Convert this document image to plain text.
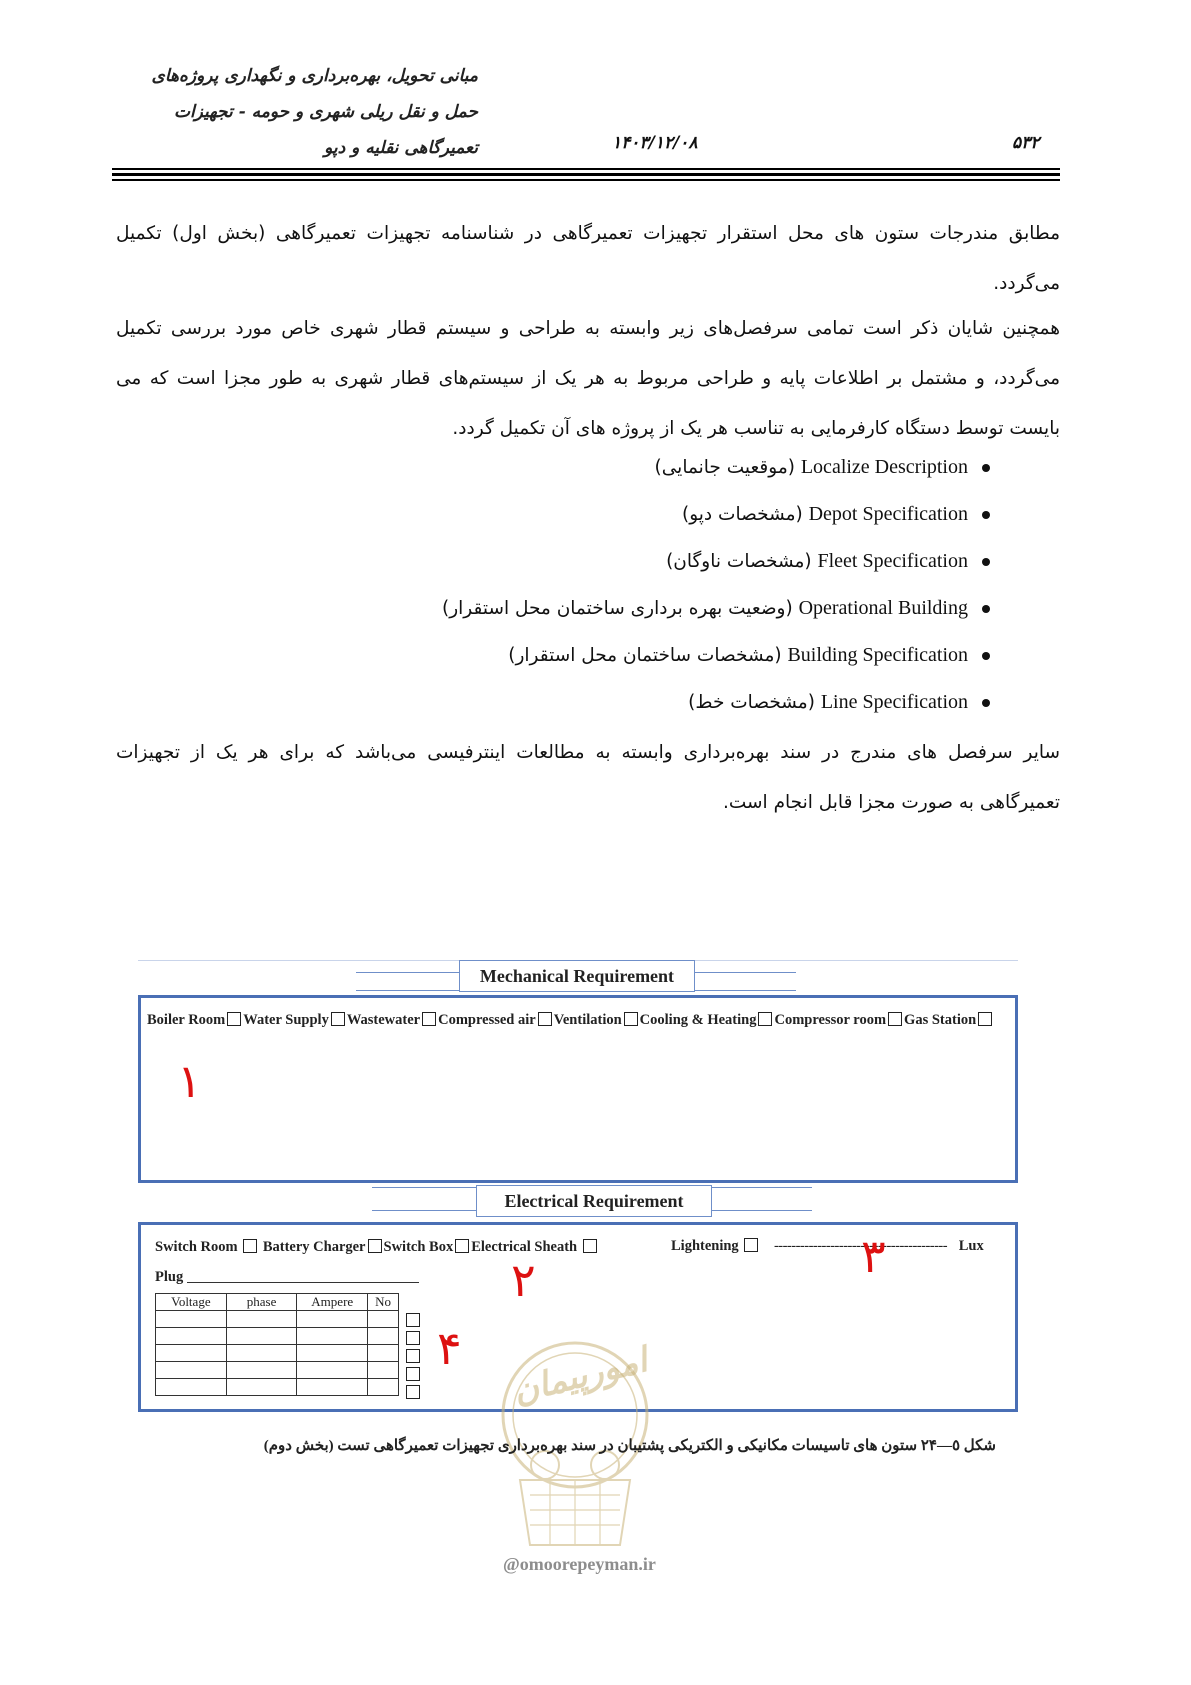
مبانی تحویل، بهره‌برداری و نگهداری پروژه‌های
حمل و نقل ریلی شهری و حومه - تجهیزات
تعمیرگاهی نقلیه و دپو	۱۴۰۳/۱۲/۰۸	۵۳۲
مطابق مندرجات ستون های محل استقرار تجهیزات تعمیرگاهی در شناسنامه تجهیزات تعمیرگاهی (بخش اول) تکمیل می‌گردد.
همچنین شایان ذکر است تمامی سرفصل‌های زیر وابسته به طراحی و سیستم قطار شهری خاص مورد بررسی تکمیل می‌گردد، و مشتمل بر اطلاعات پایه و طراحی مربوط به هر یک از سیستم‌های قطار شهری به طور مجزا است که می بایست توسط دستگاه کارفرمایی به تناسب هر یک از پروژه های آن تکمیل گردد.
Localize Description (موقعیت جانمایی)
Depot Specification (مشخصات دپو)
Fleet Specification (مشخصات ناوگان)
Operational Building (وضعیت بهره برداری ساختمان محل استقرار)
Building Specification (مشخصات ساختمان محل استقرار)
Line Specification (مشخصات خط)
سایر سرفصل های مندرج در سند بهره‌برداری وابسته به مطالعات اینترفیسی می‌باشد که برای هر یک از تجهیزات تعمیرگاهی به صورت مجزا قابل انجام است.
Mechanical Requirement
Boiler Room Water Supply Wastewater Compressed air Ventilation Cooling & Heating Compressor room Gas Station
۱
Electrical Requirement
Switch Room Battery Charger Switch Box Electrical Sheath	Lightening ---------------------------------------- Lux
۲	۳
Plug
Voltage	phase	Ampere	No

۴ امورپیمان
شکل ٥—۲۴ ستون های تاسیسات مکانیکی و الکتریکی پشتیبان در سند بهره‌برداری تجهیزات تعمیرگاهی تست (بخش دوم)
@omoorepeyman.ir
